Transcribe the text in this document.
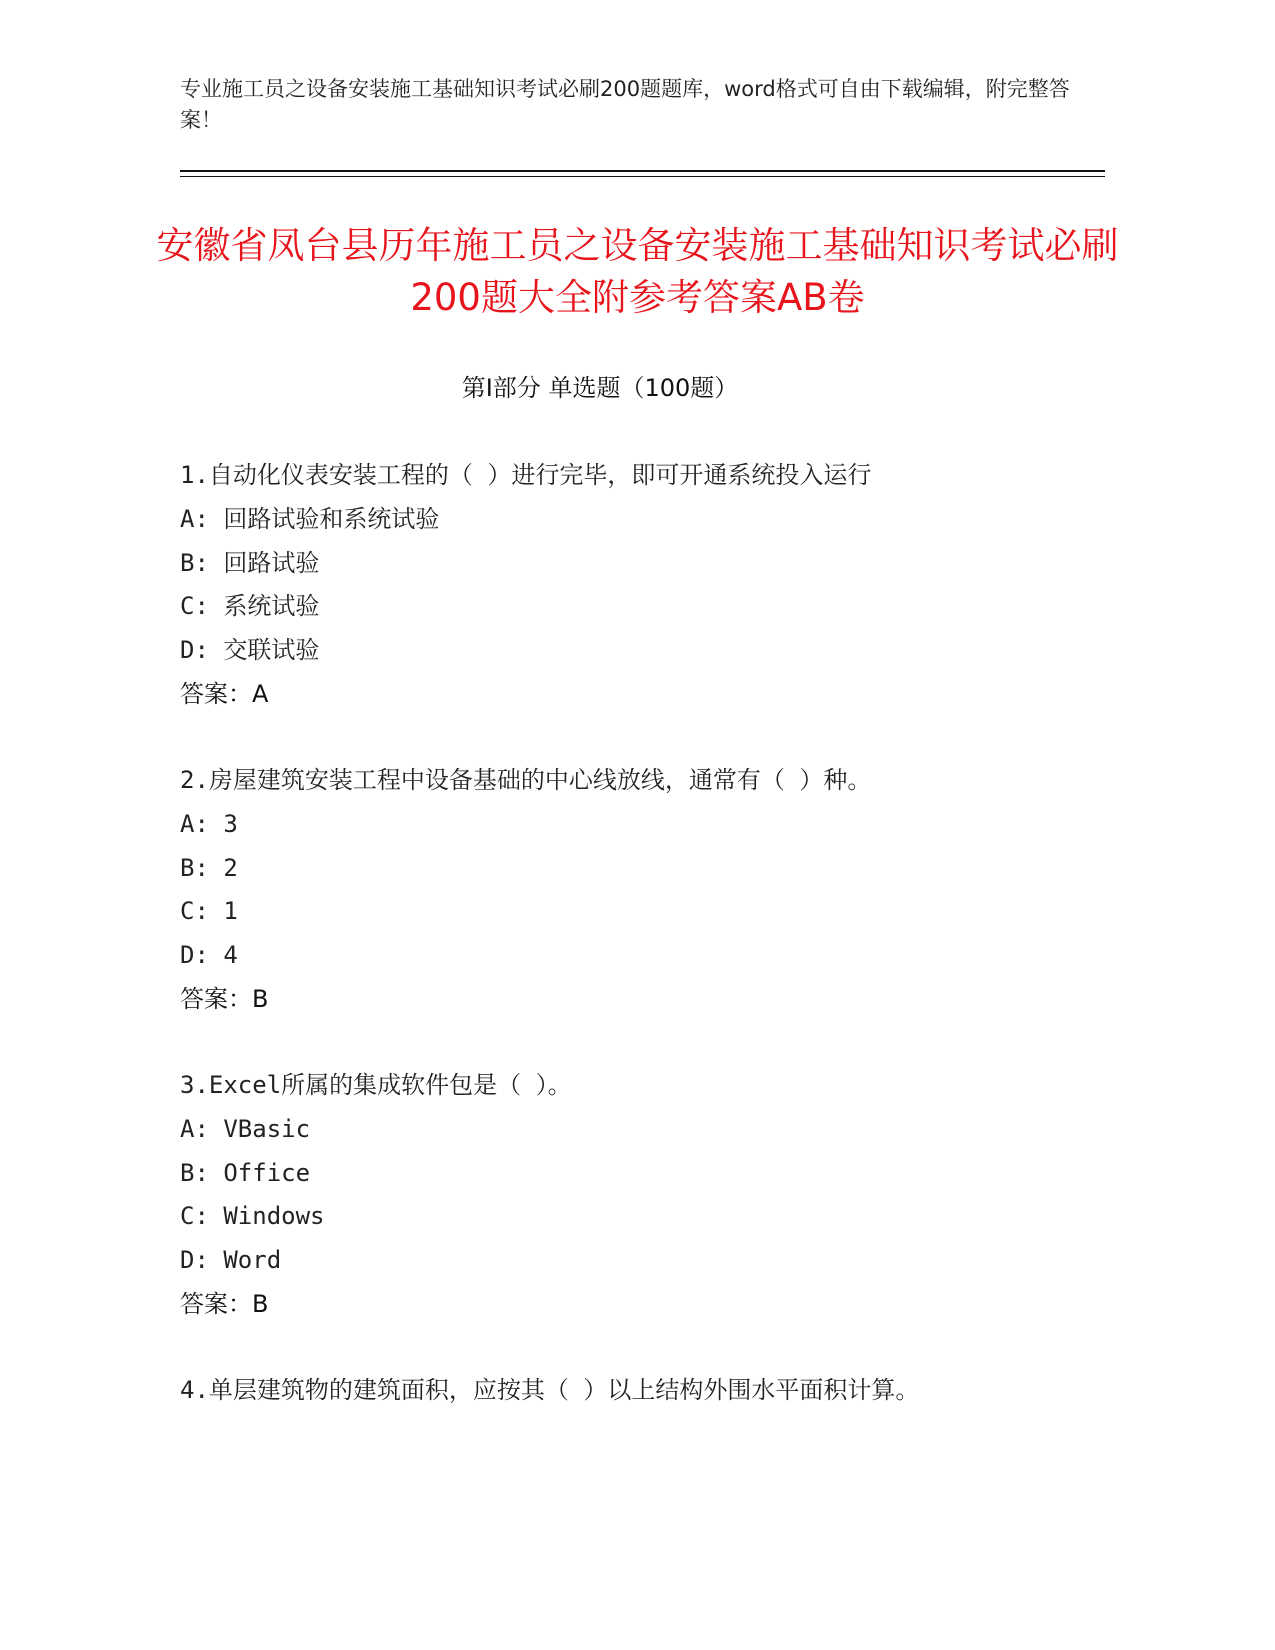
专业施工员之设备安装施工基础知识考试必刷200题题库，word格式可自由下载编辑，附完整答案！
安徽省凤台县历年施工员之设备安装施工基础知识考试必刷200题大全附参考答案AB卷
第Ⅰ部分 单选题（100题）
1.自动化仪表安装工程的（ ）进行完毕，即可开通系统投入运行
A: 回路试验和系统试验
B: 回路试验
C: 系统试验
D: 交联试验
答案：A
2.房屋建筑安装工程中设备基础的中心线放线，通常有（ ）种。
A: 3
B: 2
C: 1
D: 4
答案：B
3.Excel所属的集成软件包是（ ）。
A: VBasic
B: Office
C: Windows
D: Word
答案：B
4.单层建筑物的建筑面积，应按其（ ）以上结构外围水平面积计算。
